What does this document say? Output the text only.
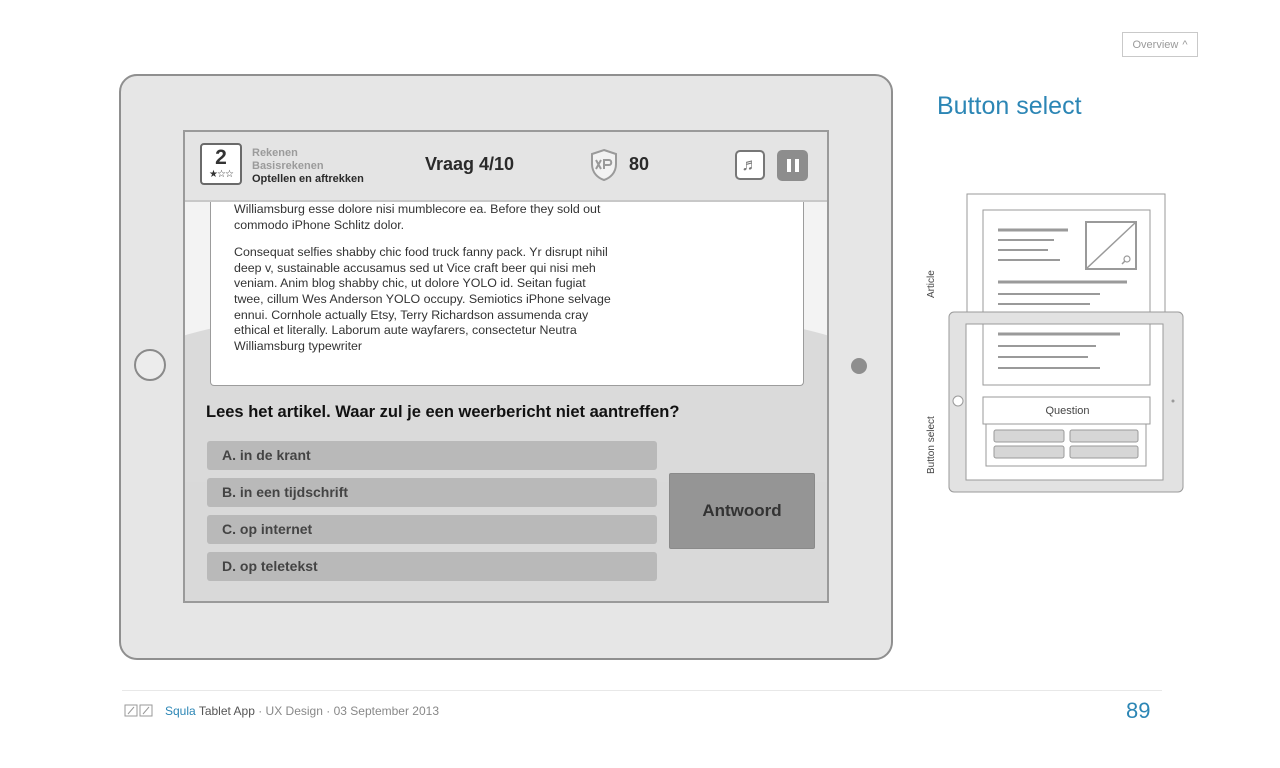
Overview ^

Williamsburg esse dolore nisi mumblecore ea. Before they sold out commodo iPhone Schlitz dolor.

Consequat selfies shabby chic food truck fanny pack. Yr disrupt nihil deep v, sustainable accusamus sed ut Vice craft beer qui nisi meh veniam. Anim blog shabby chic, ut dolore YOLO id. Seitan fugiat twee, cillum Wes Anderson YOLO occupy. Semiotics iPhone selvage ennui. Cornhole actually Etsy, Terry Richardson assumenda cray ethical et literally. Laborum aute wayfarers, consectetur Neutra Williamsburg typewriter

2
★☆☆
Rekenen
Basisrekenen
Optellen en aftrekken
Vraag 4/10	80	♬
Lees het artikel. Waar zul je een weerbericht niet aantreffen?
A. in de krant
B. in een tijdschrift
C. op internet
D. op teletekst
Antwoord
Button select
Article
Button select
Question
Squla Tablet App · UX Design · 03 September 2013	89
